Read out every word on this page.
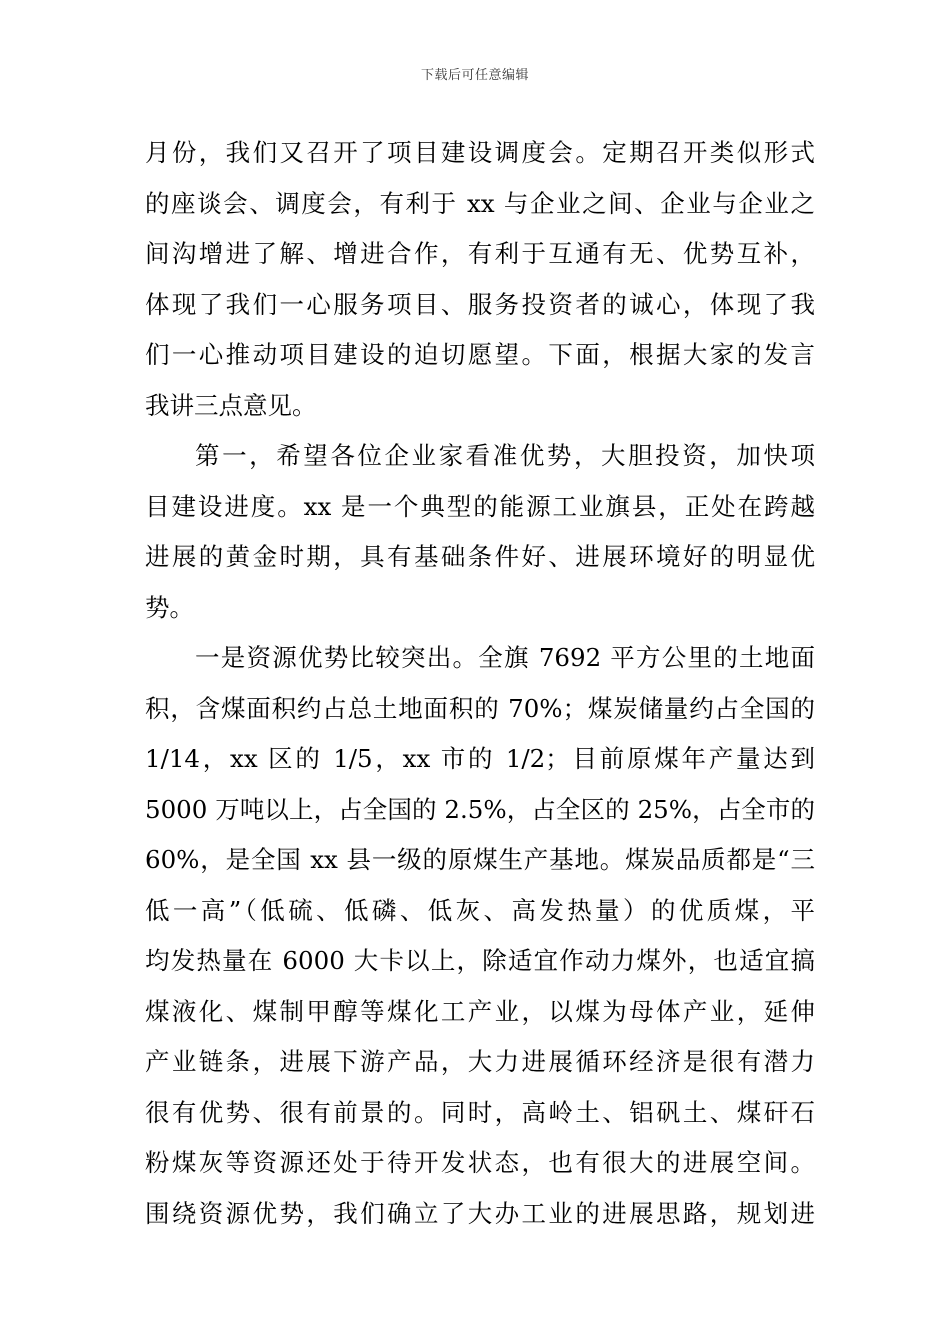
下载后可任意编辑
月份，我们又召开了项目建设调度会。定期召开类似形式
的座谈会、调度会，有利于 xx 与企业之间、企业与企业之
间沟增进了解、增进合作，有利于互通有无、优势互补，
体现了我们一心服务项目、服务投资者的诚心，体现了我
们一心推动项目建设的迫切愿望。下面，根据大家的发言
我讲三点意见。
第一，希望各位企业家看准优势，大胆投资，加快项
目建设进度。xx 是一个典型的能源工业旗县，正处在跨越
进展的黄金时期，具有基础条件好、进展环境好的明显优
势。
一是资源优势比较突出。全旗 7692 平方公里的土地面
积，含煤面积约占总土地面积的 70%；煤炭储量约占全国的
1/14，xx 区的 1/5，xx 市的 1/2；目前原煤年产量达到
5000 万吨以上，占全国的 2.5%，占全区的 25%，占全市的
60%，是全国 xx 县一级的原煤生产基地。煤炭品质都是“三
低一高”（低硫、低磷、低灰、高发热量）的优质煤，平
均发热量在 6000 大卡以上，除适宜作动力煤外，也适宜搞
煤液化、煤制甲醇等煤化工产业，以煤为母体产业，延伸
产业链条，进展下游产品，大力进展循环经济是很有潜力
很有优势、很有前景的。同时，高岭土、铝矾土、煤矸石
粉煤灰等资源还处于待开发状态，也有很大的进展空间。
围绕资源优势，我们确立了大办工业的进展思路，规划进
